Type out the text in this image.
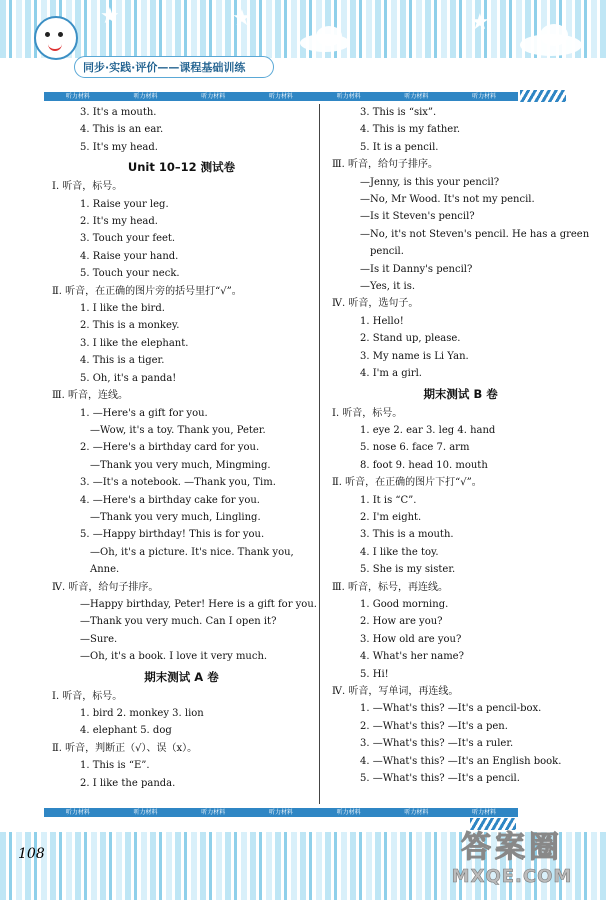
★	★	★
同步·实践·评价——课程基础训练
听力材料	听力材料	听力材料	听力材料	听力材料	听力材料	听力材料

3. It's a mouth.

4. This is an ear.

5. It's my head.

Unit 10–12 测试卷

Ⅰ. 听音，标号。

1. Raise your leg.

2. It's my head.

3. Touch your feet.

4. Raise your hand.

5. Touch your neck.

Ⅱ. 听音，在正确的图片旁的括号里打“√”。

1. I like the bird.

2. This is a monkey.

3. I like the elephant.

4. This is a tiger.

5. Oh, it's a panda!

Ⅲ. 听音，连线。

1. —Here's a gift for you.

—Wow, it's a toy. Thank you, Peter.

2. —Here's a birthday card for you.

—Thank you very much, Mingming.

3. —It's a notebook. —Thank you, Tim.

4. —Here's a birthday cake for you.

—Thank you very much, Lingling.

5. —Happy birthday! This is for you.

—Oh, it's a picture. It's nice. Thank you,

Anne.

Ⅳ. 听音，给句子排序。

—Happy birthday, Peter! Here is a gift for you.

—Thank you very much. Can I open it?

—Sure.

—Oh, it's a book. I love it very much.

期末测试 A 卷

Ⅰ. 听音，标号。

1. bird 2. monkey 3. lion

4. elephant 5. dog

Ⅱ. 听音，判断正（√）、误（x）。

1. This is “E”.

2. I like the panda.

3. This is “six”.

4. This is my father.

5. It is a pencil.

Ⅲ. 听音，给句子排序。

—Jenny, is this your pencil?

—No, Mr Wood. It's not my pencil.

—Is it Steven's pencil?

—No, it's not Steven's pencil. He has a green

pencil.

—Is it Danny's pencil?

—Yes, it is.

Ⅳ. 听音，选句子。

1. Hello!

2. Stand up, please.

3. My name is Li Yan.

4. I'm a girl.

期末测试 B 卷

Ⅰ. 听音，标号。

1. eye 2. ear 3. leg 4. hand

5. nose 6. face 7. arm

8. foot 9. head 10. mouth

Ⅱ. 听音，在正确的图片下打“√”。

1. It is “C”.

2. I'm eight.

3. This is a mouth.

4. I like the toy.

5. She is my sister.

Ⅲ. 听音，标号，再连线。

1. Good morning.

2. How are you?

3. How old are you?

4. What's her name?

5. Hi!

Ⅳ. 听音，写单词，再连线。

1. —What's this? —It's a pencil-box.

2. —What's this? —It's a pen.

3. —What's this? —It's a ruler.

4. —What's this? —It's an English book.

5. —What's this? —It's a pencil.

听力材料	听力材料	听力材料	听力材料	听力材料	听力材料	听力材料
108	答案圈
MXQE.COM
